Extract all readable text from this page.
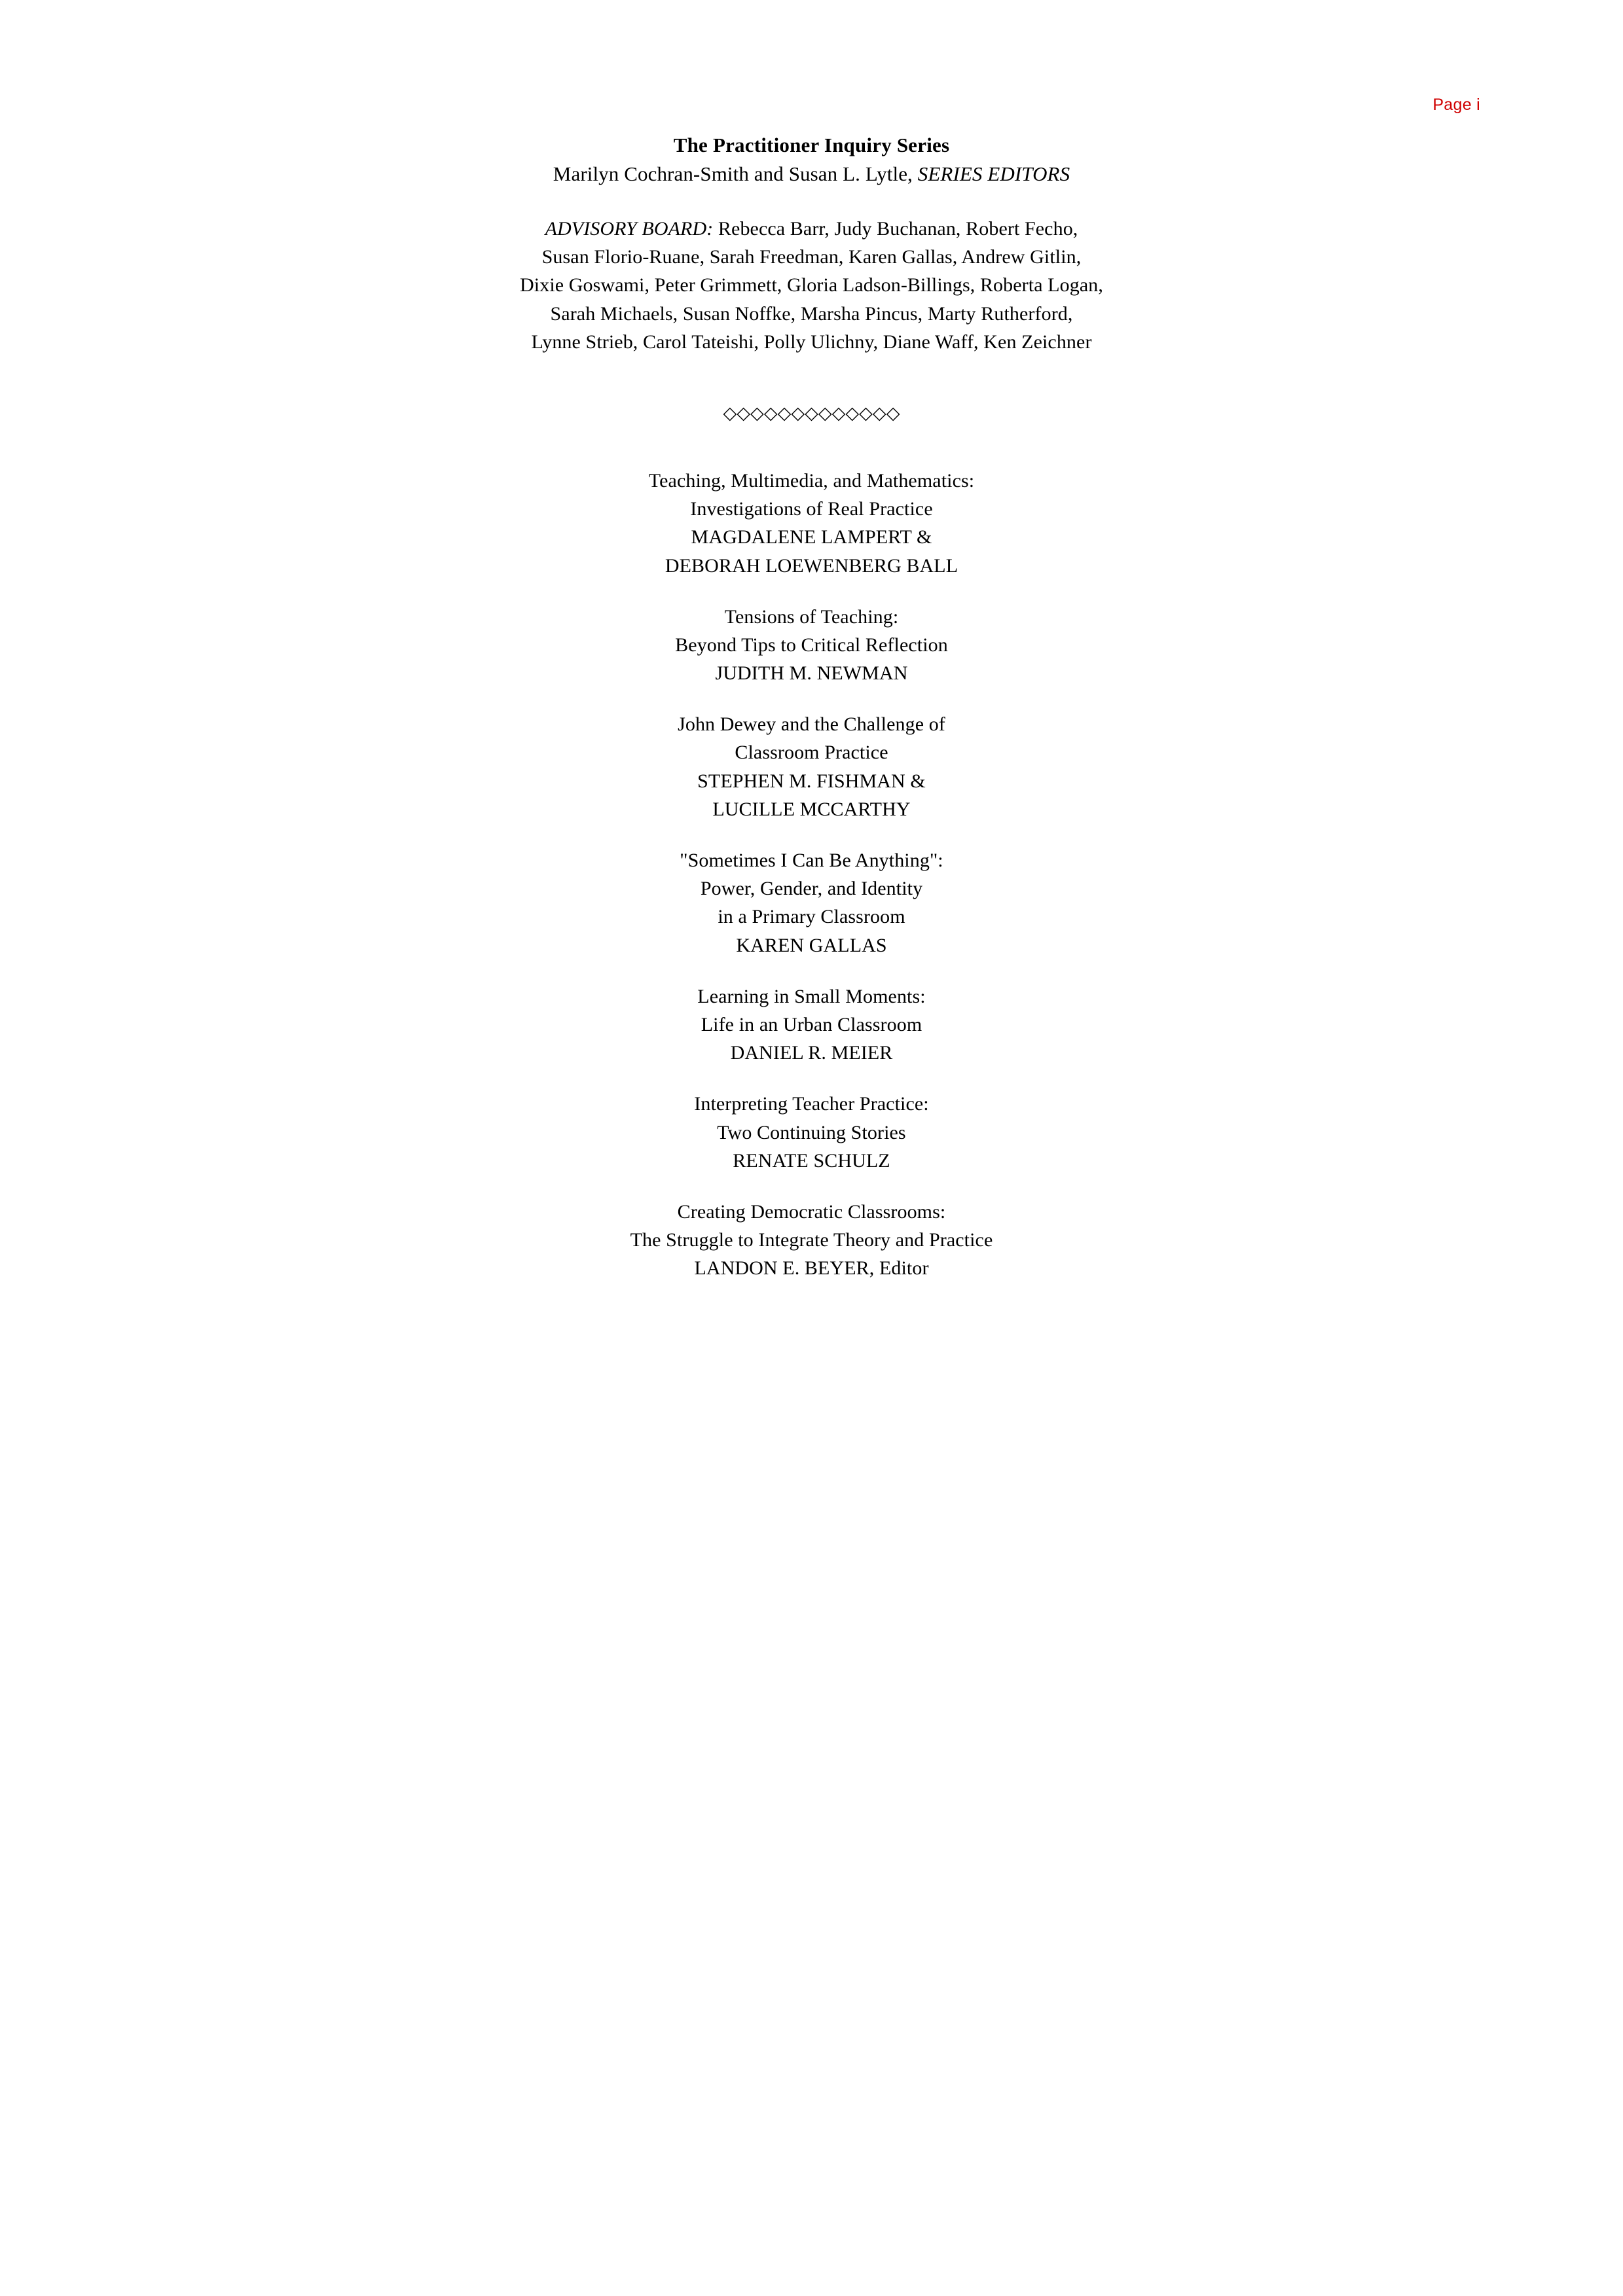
Page i
The Practitioner Inquiry Series
Marilyn Cochran-Smith and Susan L. Lytle, SERIES EDITORS
ADVISORY BOARD: Rebecca Barr, Judy Buchanan, Robert Fecho,
Susan Florio-Ruane, Sarah Freedman, Karen Gallas, Andrew Gitlin,
Dixie Goswami, Peter Grimmett, Gloria Ladson-Billings, Roberta Logan,
Sarah Michaels, Susan Noffke, Marsha Pincus, Marty Rutherford,
Lynne Strieb, Carol Tateishi, Polly Ulichny, Diane Waff, Ken Zeichner
◇◇◇◇◇◇◇◇◇◇◇◇◇
Teaching, Multimedia, and Mathematics:
Investigations of Real Practice
MAGDALENE LAMPERT &
DEBORAH LOEWENBERG BALL
Tensions of Teaching:
Beyond Tips to Critical Reflection
JUDITH M. NEWMAN
John Dewey and the Challenge of
Classroom Practice
STEPHEN M. FISHMAN &
LUCILLE MCCARTHY
"Sometimes I Can Be Anything":
Power, Gender, and Identity
in a Primary Classroom
KAREN GALLAS
Learning in Small Moments:
Life in an Urban Classroom
DANIEL R. MEIER
Interpreting Teacher Practice:
Two Continuing Stories
RENATE SCHULZ
Creating Democratic Classrooms:
The Struggle to Integrate Theory and Practice
LANDON E. BEYER, Editor
